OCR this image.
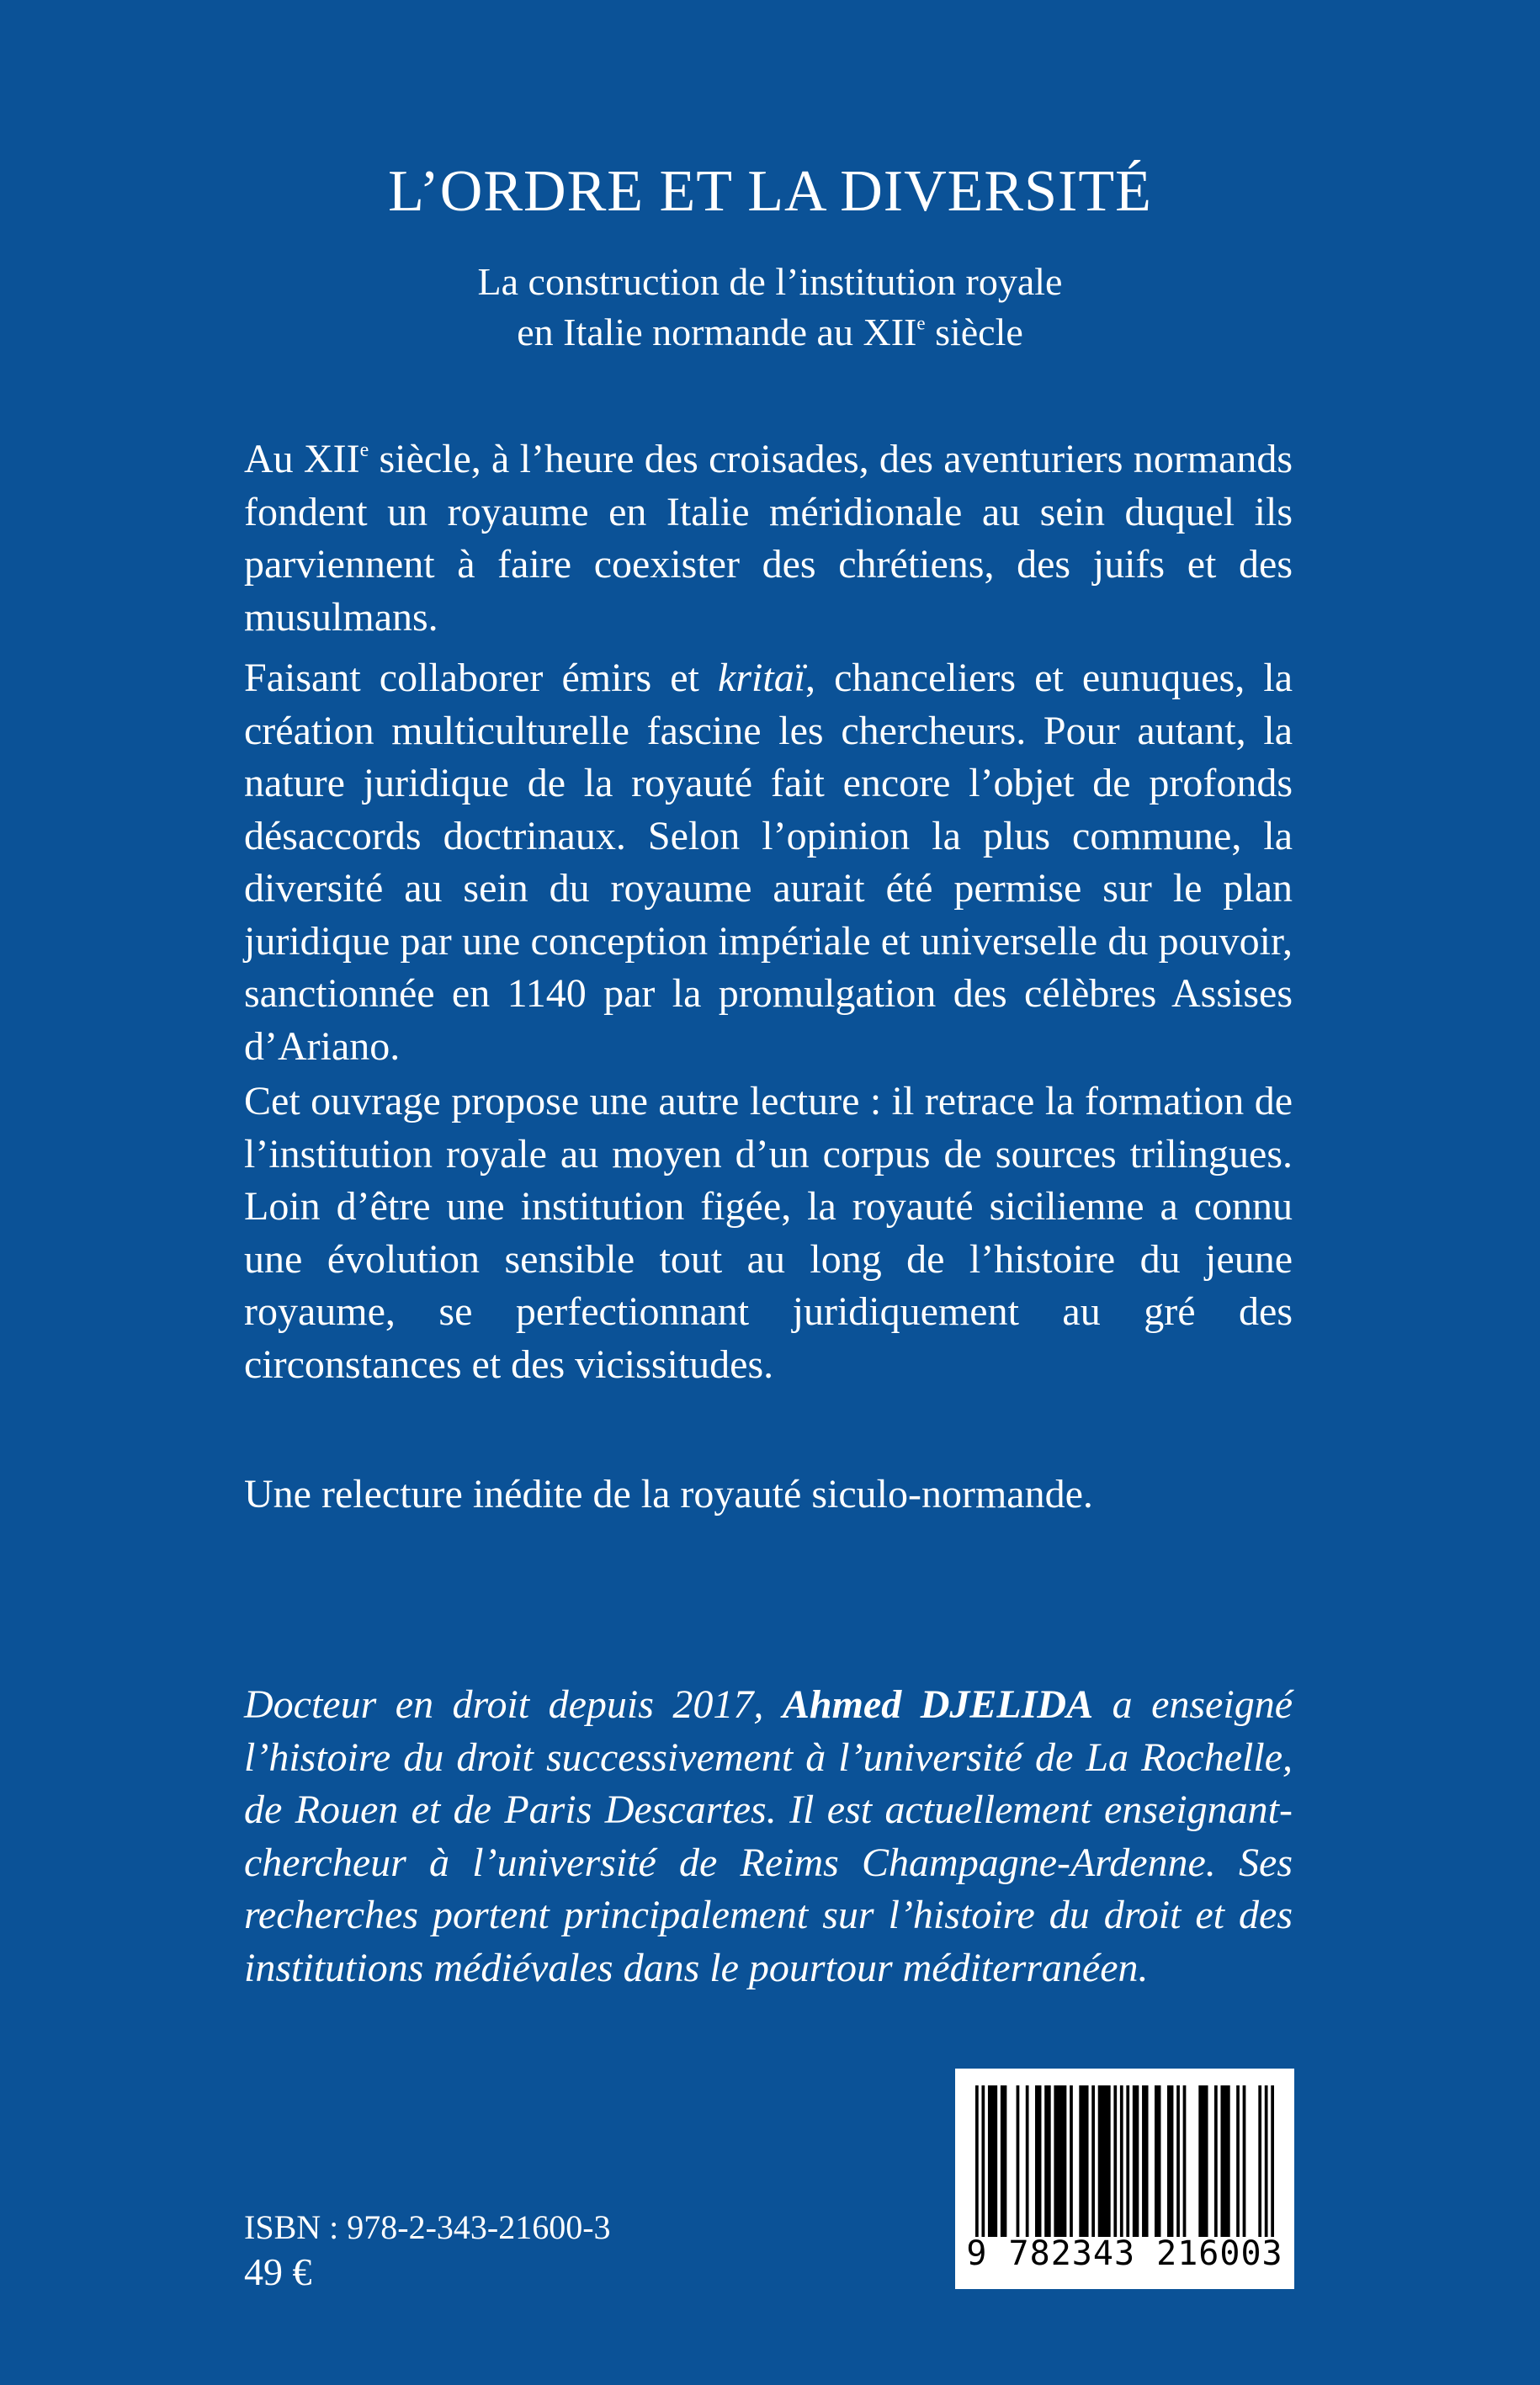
L’ORDRE ET LA DIVERSITÉ
La construction de l’institution royale
en Italie normande au XIIe siècle

Au XIIe siècle, à l’heure des croisades, des aventuriers normands fondent un royaume en Italie méridionale au sein duquel ils parviennent à faire coexister des chrétiens, des juifs et des musulmans.

Faisant collaborer émirs et kritaï, chanceliers et eunuques, la création multiculturelle fascine les chercheurs. Pour autant, la nature juridique de la royauté fait encore l’objet de profonds désaccords doctrinaux. Selon l’opinion la plus commune, la diversité au sein du royaume aurait été permise sur le plan juridique par une conception impériale et universelle du pouvoir, sanctionnée en 1140 par la promulgation des célèbres Assises d’Ariano.

Cet ouvrage propose une autre lecture : il retrace la formation de l’institution royale au moyen d’un corpus de sources trilingues. Loin d’être une institution figée, la royauté sicilienne a connu une évolution sensible tout au long de l’histoire du jeune royaume, se perfectionnant juridiquement au gré des circonstances et des vicissitudes.

Une relecture inédite de la royauté siculo-normande.
Docteur en droit depuis 2017, Ahmed DJELIDA a enseigné l’histoire du droit successivement à l’université de La Rochelle, de Rouen et de Paris Descartes. Il est actuellement enseignant-chercheur à l’université de Reims Champagne-Ardenne. Ses recherches portent principalement sur l’histoire du droit et des institutions médiévales dans le pourtour méditerranéen.
ISBN : 978-2-343-21600-3
49 €	9 782343 216003
